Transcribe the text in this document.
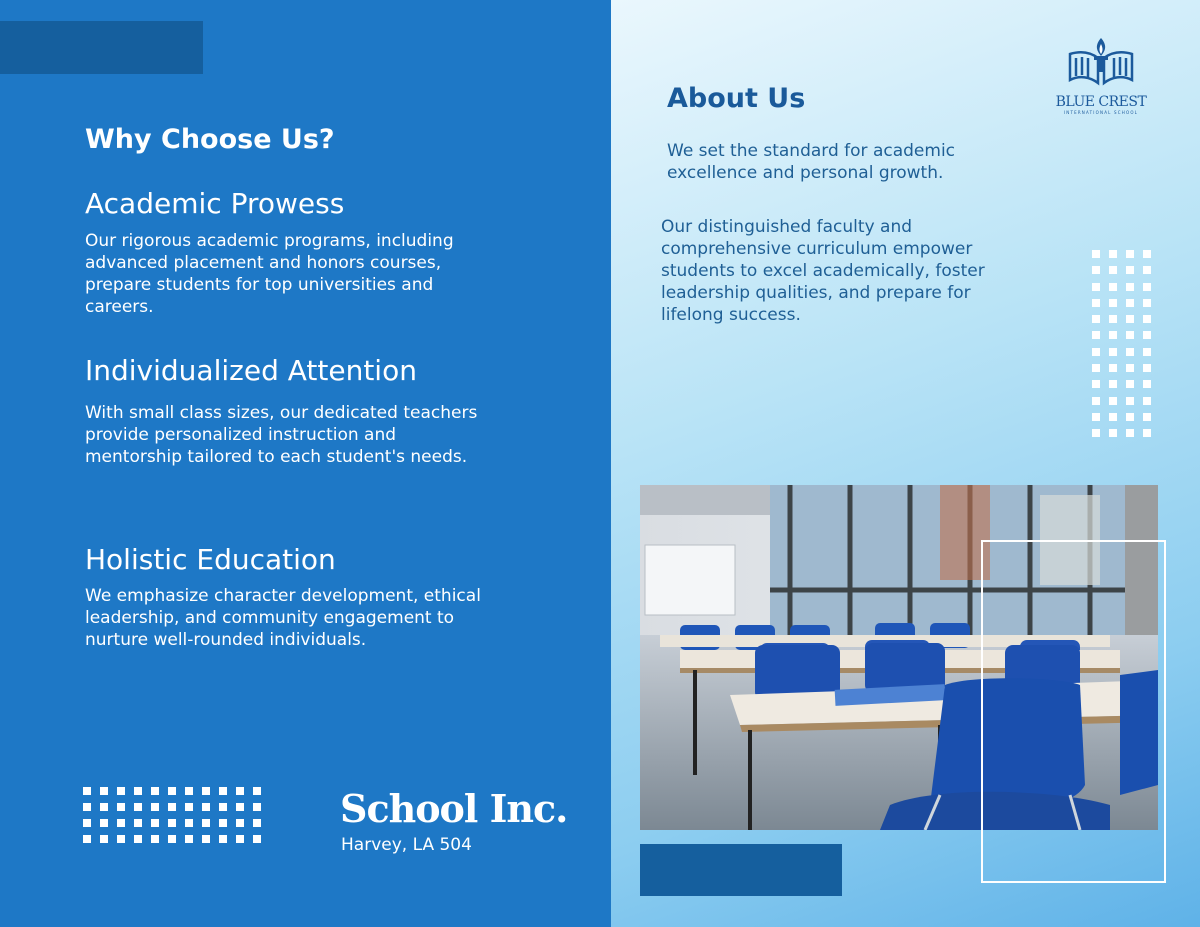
Why Choose Us?
Academic Prowess

Our rigorous academic programs, including advanced placement and honors courses, prepare students for top universities and careers.

Individualized Attention

With small class sizes, our dedicated teachers provide personalized instruction and mentorship tailored to each student's needs.

Holistic Education

We emphasize character development, ethical leadership, and community engagement to nurture well-rounded individuals.

School Inc.

Harvey, LA 504

About Us

We set the standard for academic excellence and personal growth.

Our distinguished faculty and comprehensive curriculum empower students to excel academically, foster leadership qualities, and prepare for lifelong success.

BLUE CREST
INTERNATIONAL SCHOOL
